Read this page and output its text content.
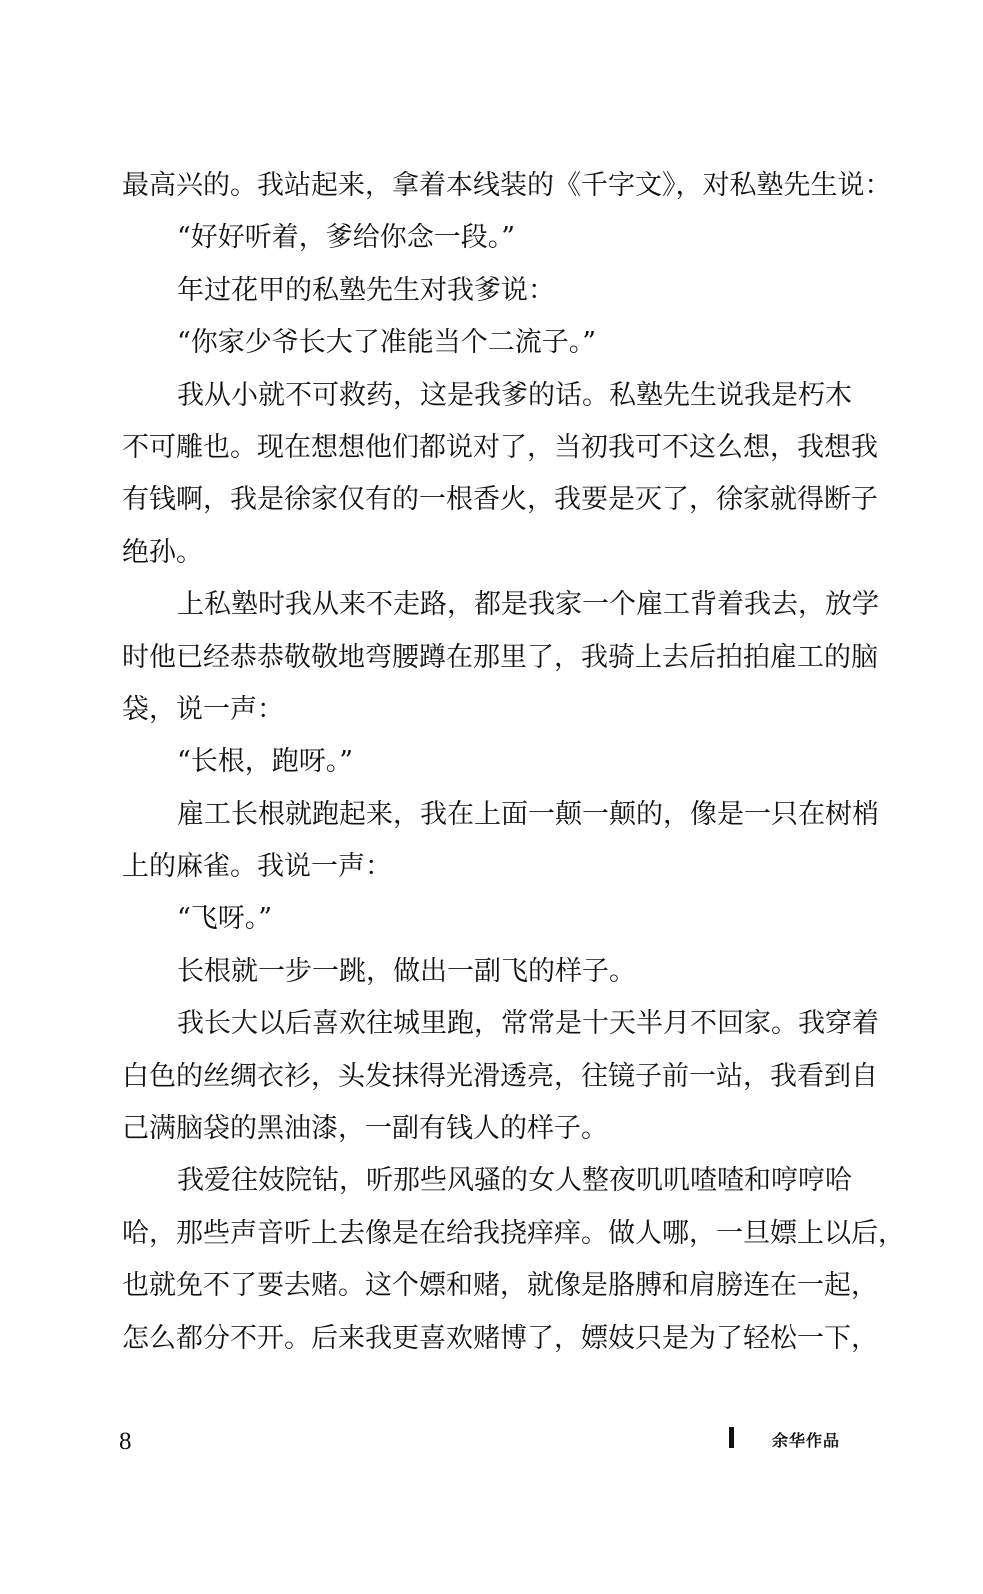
最高兴的。我站起来，拿着本线装的《千字文》，对私塾先生说：
“好好听着，爹给你念一段。”
年过花甲的私塾先生对我爹说：
“你家少爷长大了准能当个二流子。”
我从小就不可救药，这是我爹的话。私塾先生说我是朽木
不可雕也。现在想想他们都说对了，当初我可不这么想，我想我
有钱啊，我是徐家仅有的一根香火，我要是灭了，徐家就得断子
绝孙。
上私塾时我从来不走路，都是我家一个雇工背着我去，放学
时他已经恭恭敬敬地弯腰蹲在那里了，我骑上去后拍拍雇工的脑
袋，说一声：
“长根，跑呀。”
雇工长根就跑起来，我在上面一颠一颠的，像是一只在树梢
上的麻雀。我说一声：
“飞呀。”
长根就一步一跳，做出一副飞的样子。
我长大以后喜欢往城里跑，常常是十天半月不回家。我穿着
白色的丝绸衣衫，头发抹得光滑透亮，往镜子前一站，我看到自
己满脑袋的黑油漆，一副有钱人的样子。
我爱往妓院钻，听那些风骚的女人整夜叽叽喳喳和哼哼哈
哈，那些声音听上去像是在给我挠痒痒。做人哪，一旦嫖上以后，
也就免不了要去赌。这个嫖和赌，就像是胳膊和肩膀连在一起，
怎么都分不开。后来我更喜欢赌博了，嫖妓只是为了轻松一下，
8	余华作品
